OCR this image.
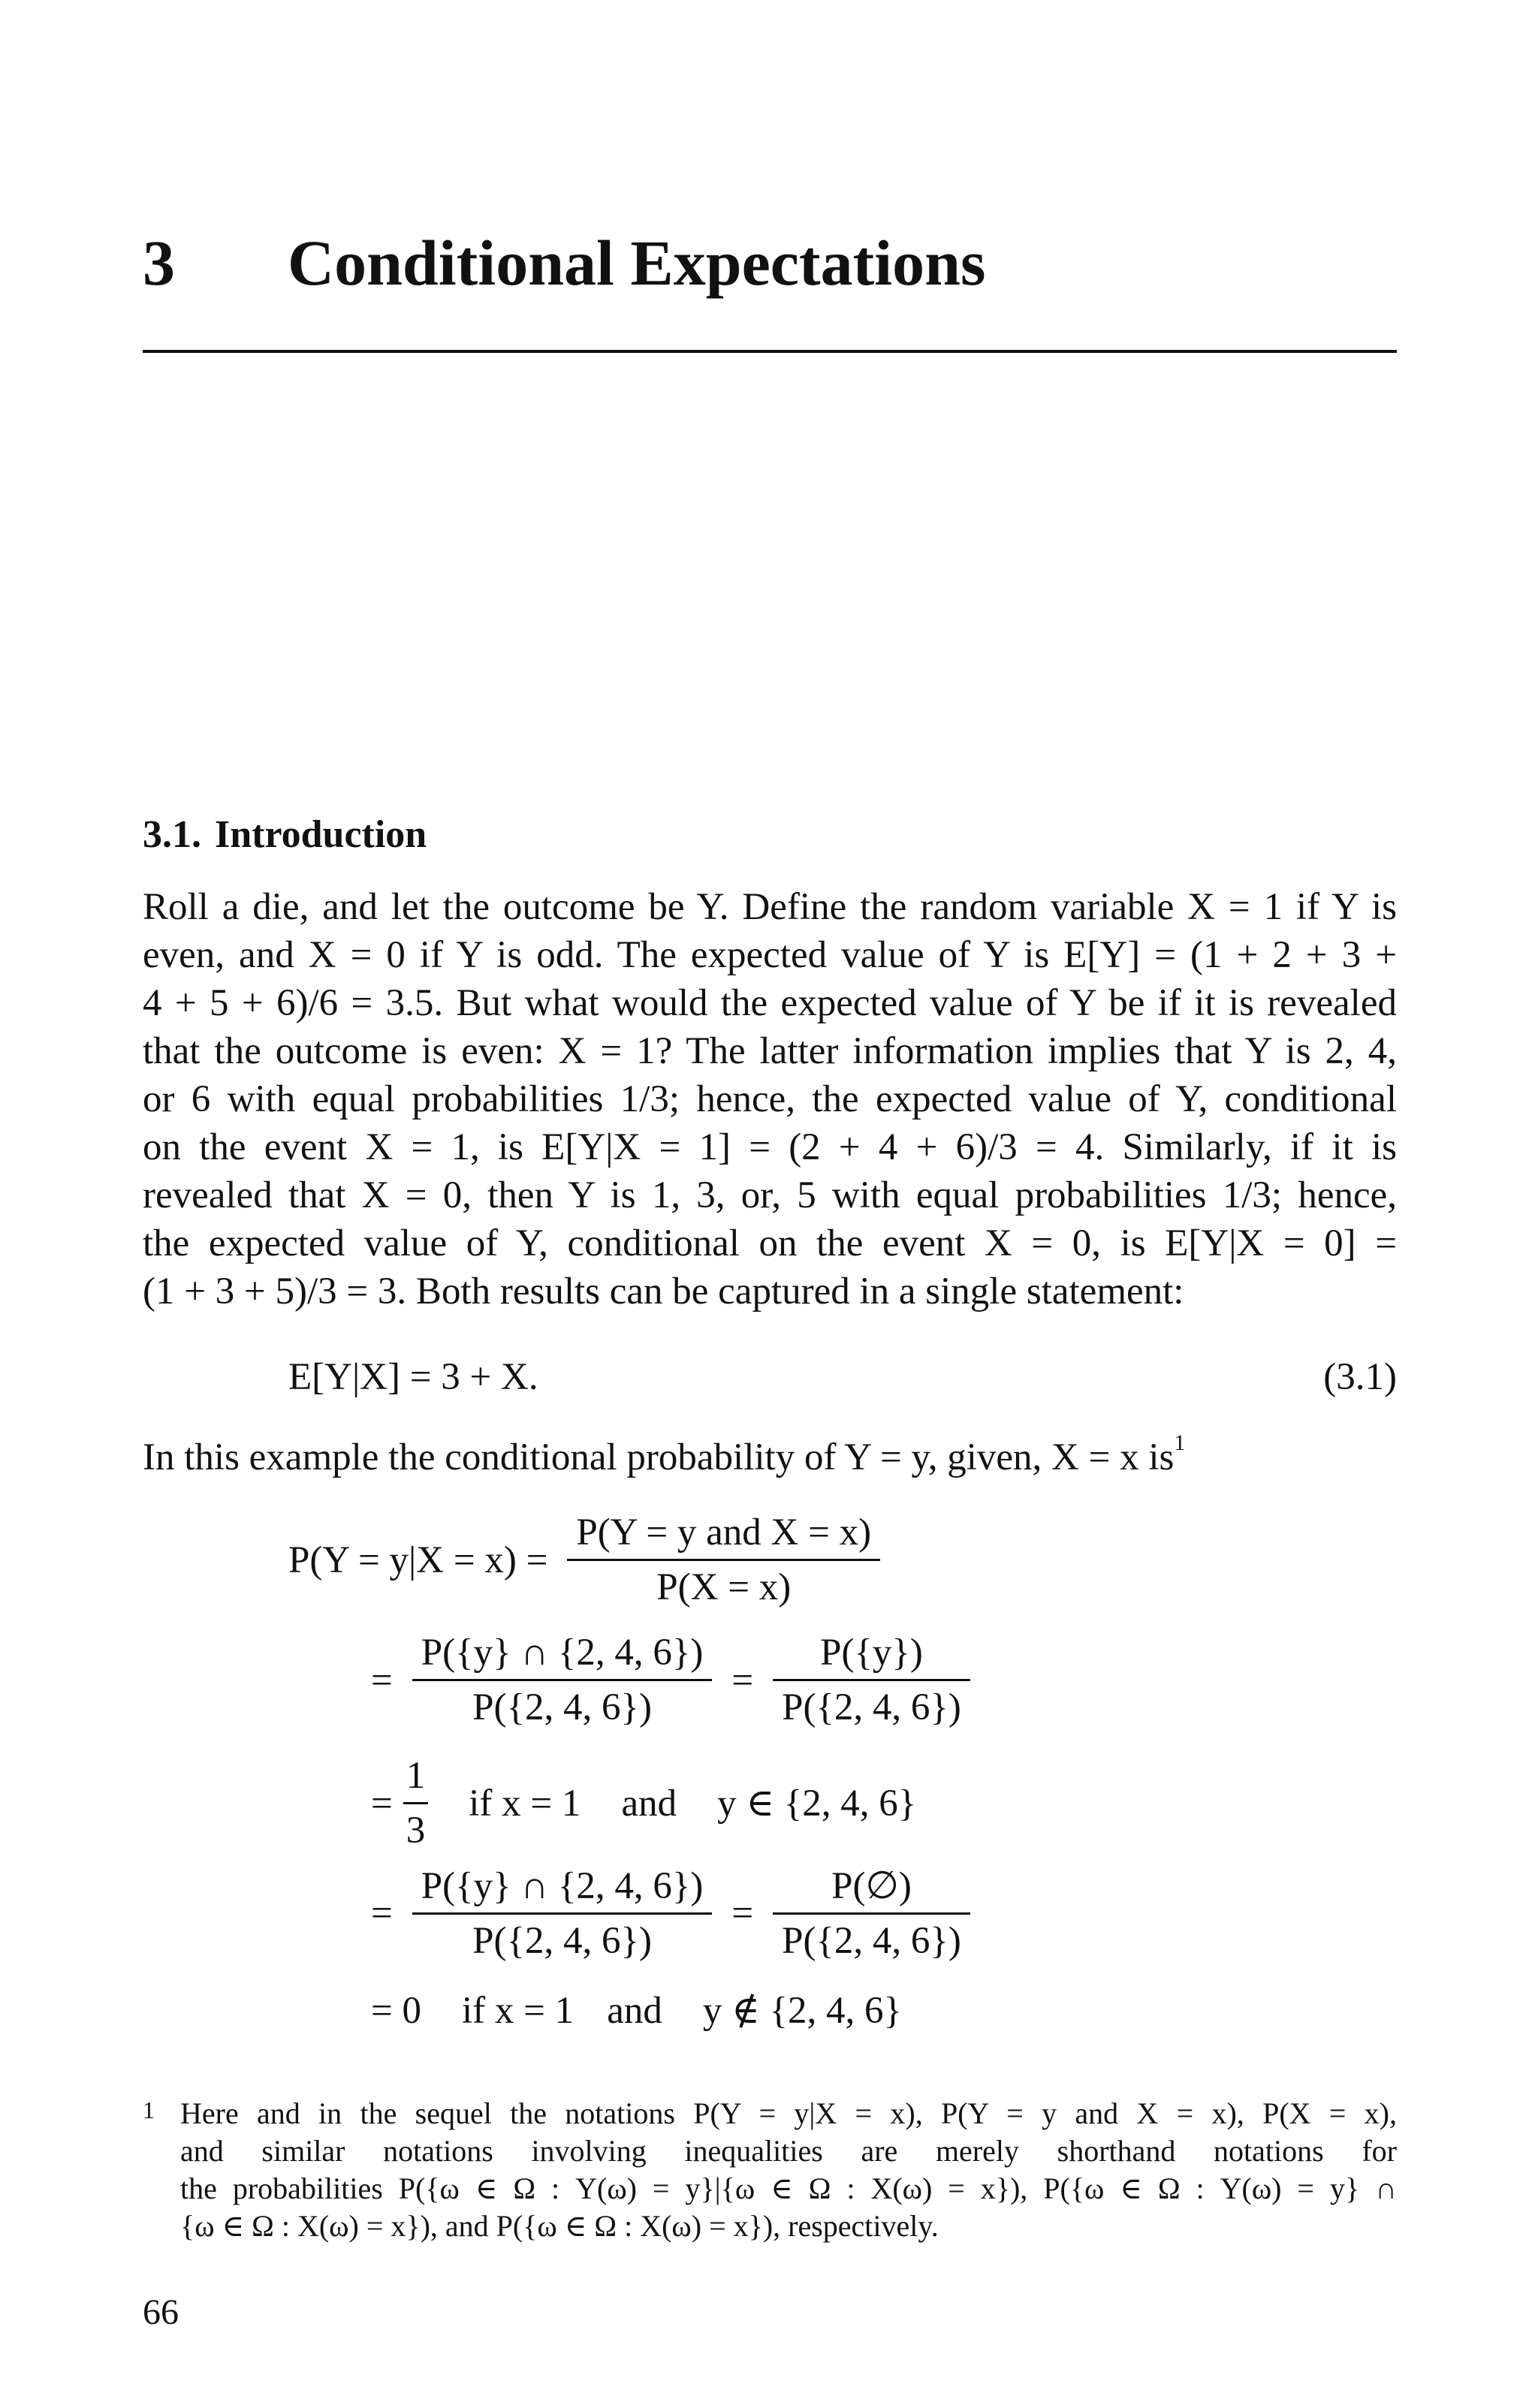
3 Conditional Expectations
3.1. Introduction
Roll a die, and let the outcome be Y. Define the random variable X = 1 if Y is
even, and X = 0 if Y is odd. The expected value of Y is E[Y] = (1 + 2 + 3 +
4 + 5 + 6)/6 = 3.5. But what would the expected value of Y be if it is revealed
that the outcome is even: X = 1? The latter information implies that Y is 2, 4,
or 6 with equal probabilities 1/3; hence, the expected value of Y, conditional
on the event X = 1, is E[Y|X = 1] = (2 + 4 + 6)/3 = 4. Similarly, if it is
revealed that X = 0, then Y is 1, 3, or, 5 with equal probabilities 1/3; hence,
the expected value of Y, conditional on the event X = 0, is E[Y|X = 0] =
(1 + 3 + 5)/3 = 3. Both results can be captured in a single statement:
E[Y|X] = 3 + X.	(3.1)
In this example the conditional probability of Y = y, given, X = x $is^1$
$P(Y = y|X = x) = \frac{\text{P(Y = y and X = x)}}{P(X = x)}$
= $\frac{P(\{y\} \cap \{2, 4, 6\})}{P(\{2, 4, 6\})} = \frac{P(\{y\})}{P(\{2, 4, 6\})}$
= $\frac{1}{3}$ if x = 1 and y ∈ {2, 4, 6}
= $\frac{P(\{y\} \cap \{2, 4, 6\})}{P(\{2, 4, 6\})} = \frac{P(\emptyset)}{P(\{2, 4, 6\})}$
= 0 if x = 1 and y ∉ {2, 4, 6}
1 Here and in the sequel the notations P(Y = y|X = x), P(Y = y and X = x), P(X = x),
and similar notations involving inequalities are merely shorthand notations for
the probabilities P({ω ∈ Ω : Y(ω) = y}|{ω ∈ Ω : X(ω) = x}), P({ω ∈ Ω : Y(ω) = y} ∩
{ω ∈ Ω : X(ω) = x}), and P({ω ∈ Ω : X(ω) = x}), respectively.
66
